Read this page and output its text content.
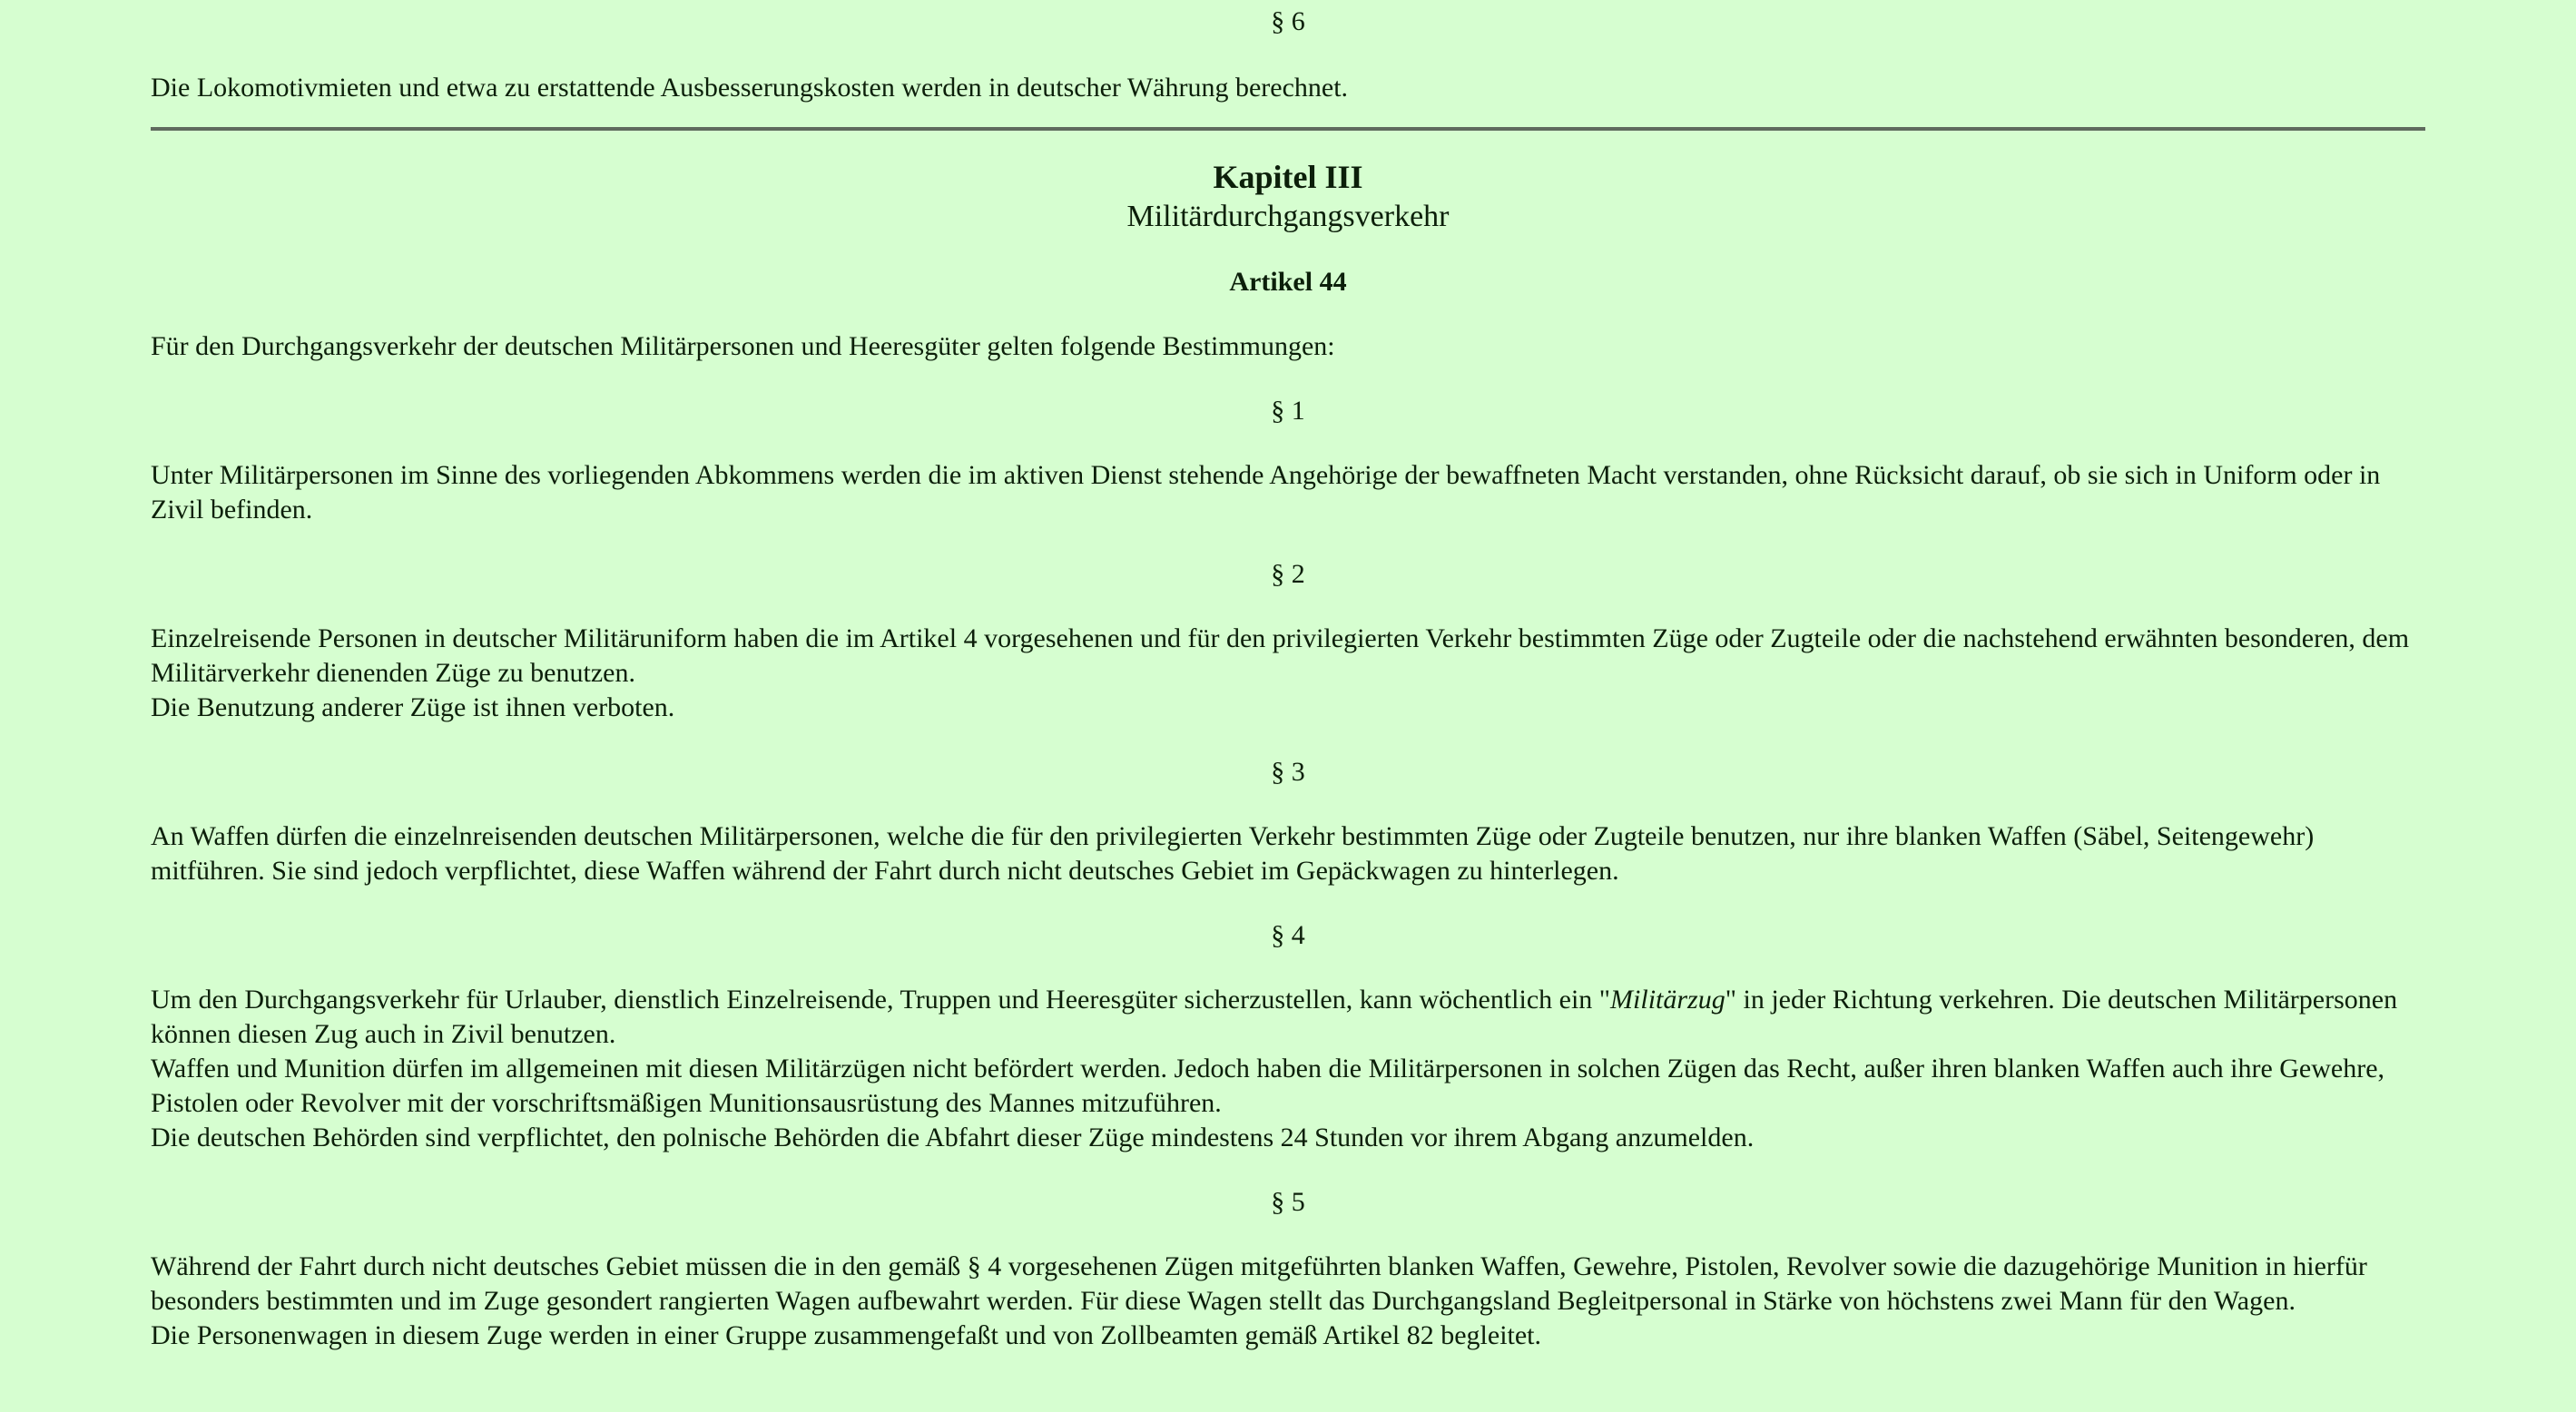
§ 6

Die Lokomotivmieten und etwa zu erstattende Ausbesserungskosten werden in deutscher Währung berechnet.

Kapitel III
Militärdurchgangsverkehr
Artikel 44

Für den Durchgangsverkehr der deutschen Militärpersonen und Heeresgüter gelten folgende Bestimmungen:

§ 1

Unter Militärpersonen im Sinne des vorliegenden Abkommens werden die im aktiven Dienst stehende Angehörige der bewaffneten Macht verstanden, ohne Rücksicht darauf, ob sie sich in Uniform oder in Zivil befinden.

§ 2

Einzelreisende Personen in deutscher Militäruniform haben die im Artikel 4 vorgesehenen und für den privilegierten Verkehr bestimmten Züge oder Zugteile oder die nachstehend erwähnten besonderen, dem Militärverkehr dienenden Züge zu benutzen.

Die Benutzung anderer Züge ist ihnen verboten.

§ 3

An Waffen dürfen die einzelnreisenden deutschen Militärpersonen, welche die für den privilegierten Verkehr bestimmten Züge oder Zugteile benutzen, nur ihre blanken Waffen (Säbel, Seitengewehr) mitführen. Sie sind jedoch verpflichtet, diese Waffen während der Fahrt durch nicht deutsches Gebiet im Gepäckwagen zu hinterlegen.

§ 4

Um den Durchgangsverkehr für Urlauber, dienstlich Einzelreisende, Truppen und Heeresgüter sicherzustellen, kann wöchentlich ein "Militärzug" in jeder Richtung verkehren. Die deutschen Militärpersonen können diesen Zug auch in Zivil benutzen.

Waffen und Munition dürfen im allgemeinen mit diesen Militärzügen nicht befördert werden. Jedoch haben die Militärpersonen in solchen Zügen das Recht, außer ihren blanken Waffen auch ihre Gewehre, Pistolen oder Revolver mit der vorschriftsmäßigen Munitionsausrüstung des Mannes mitzuführen.

Die deutschen Behörden sind verpflichtet, den polnische Behörden die Abfahrt dieser Züge mindestens 24 Stunden vor ihrem Abgang anzumelden.

§ 5

Während der Fahrt durch nicht deutsches Gebiet müssen die in den gemäß § 4 vorgesehenen Zügen mitgeführten blanken Waffen, Gewehre, Pistolen, Revolver sowie die dazugehörige Munition in hierfür besonders bestimmten und im Zuge gesondert rangierten Wagen aufbewahrt werden. Für diese Wagen stellt das Durchgangsland Begleitpersonal in Stärke von höchstens zwei Mann für den Wagen.

Die Personenwagen in diesem Zuge werden in einer Gruppe zusammengefaßt und von Zollbeamten gemäß Artikel 82 begleitet.
